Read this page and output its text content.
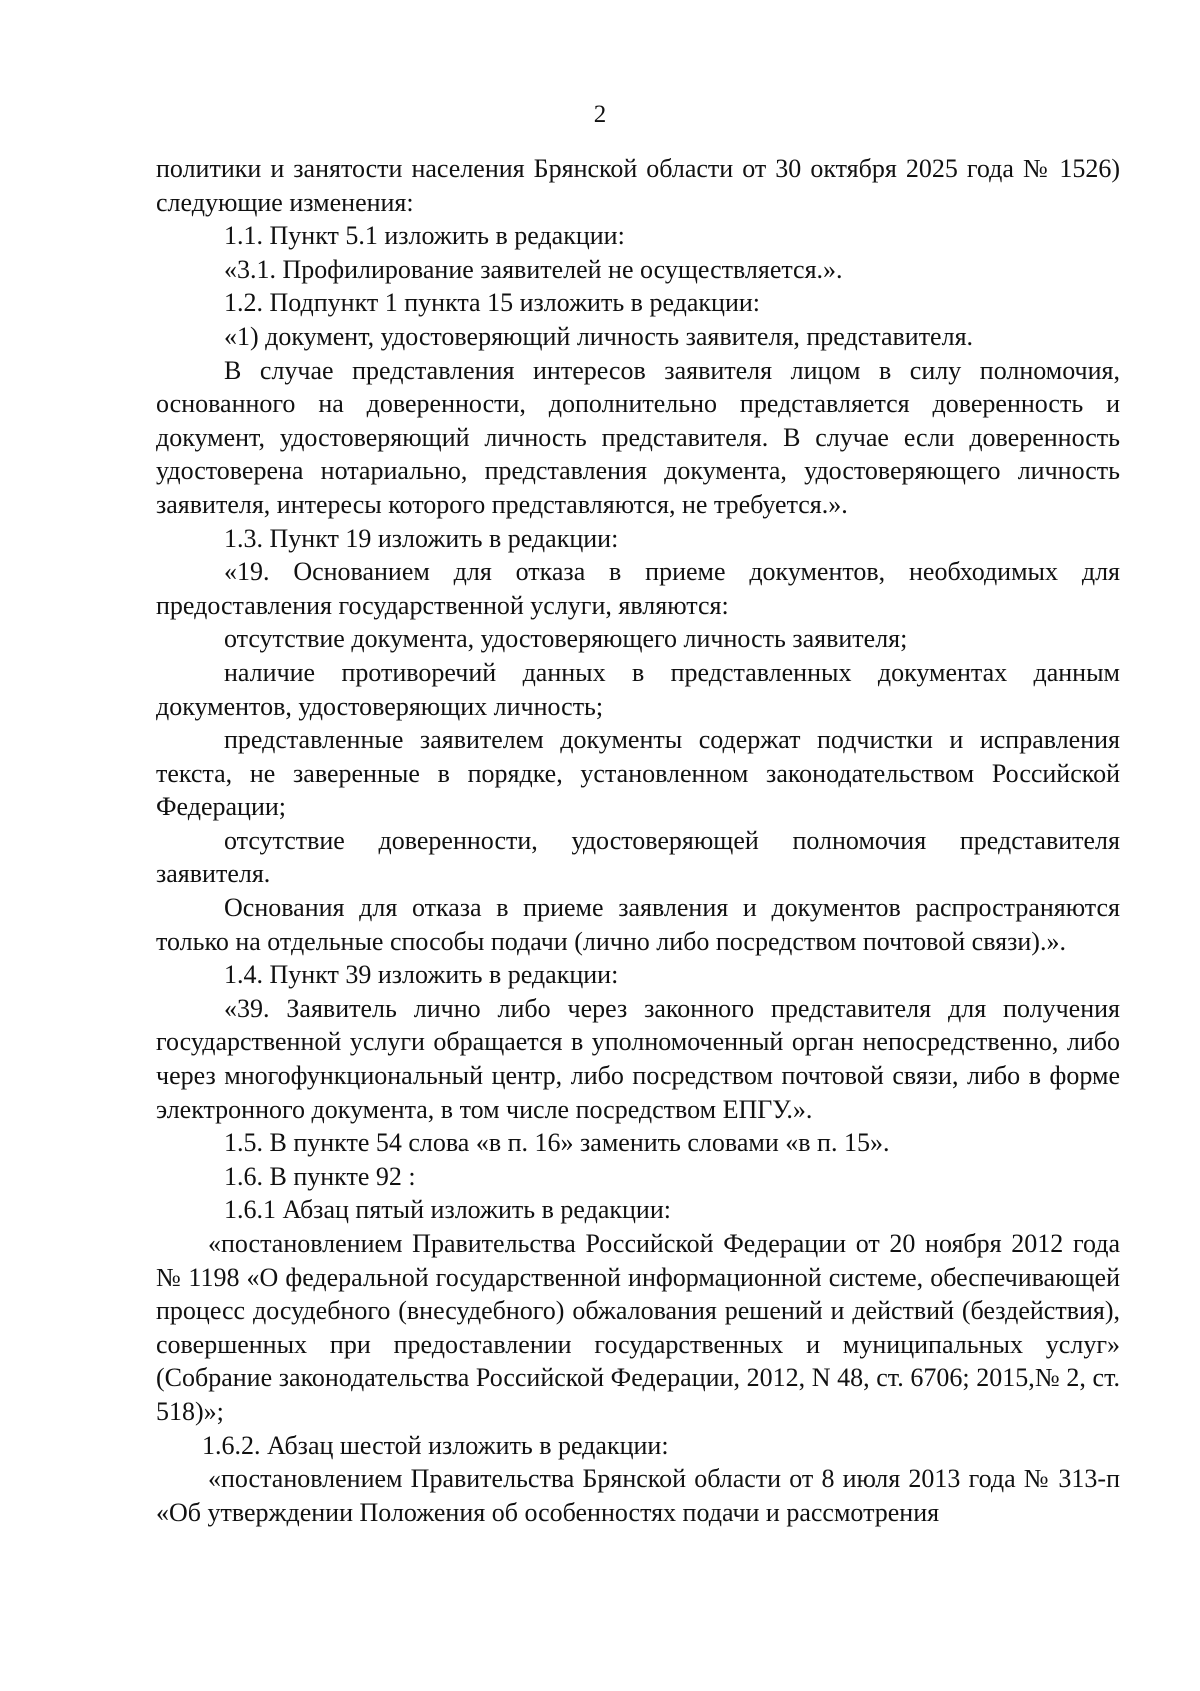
2

политики и занятости населения Брянской области от 30 октября 2025 года № 1526) следующие изменения:

1.1. Пункт 5.1 изложить в редакции:

«3.1. Профилирование заявителей не осуществляется.».

1.2. Подпункт 1 пункта 15 изложить в редакции:

«1) документ, удостоверяющий личность заявителя, представителя.

В случае представления интересов заявителя лицом в силу полномочия, основанного на доверенности, дополнительно представляется доверенность и документ, удостоверяющий личность представителя. В случае если доверенность удостоверена нотариально, представления документа, удостоверяющего личность заявителя, интересы которого представляются, не требуется.».

1.3. Пункт 19 изложить в редакции:

«19. Основанием для отказа в приеме документов, необходимых для предоставления государственной услуги, являются:

отсутствие документа, удостоверяющего личность заявителя;

наличие противоречий данных в представленных документах данным документов, удостоверяющих личность;

представленные заявителем документы содержат подчистки и исправления текста, не заверенные в порядке, установленном законодательством Российской Федерации;

отсутствие доверенности, удостоверяющей полномочия представителя заявителя.

Основания для отказа в приеме заявления и документов распространяются только на отдельные способы подачи (лично либо посредством почтовой связи).».

1.4. Пункт 39 изложить в редакции:

«39. Заявитель лично либо через законного представителя для получения государственной услуги обращается в уполномоченный орган непосредственно, либо через многофункциональный центр, либо посредством почтовой связи, либо в форме электронного документа, в том числе посредством ЕПГУ.».

1.5. В пункте 54 слова «в п. 16» заменить словами «в п. 15».

1.6. В пункте 92 :

1.6.1 Абзац пятый изложить в редакции:

«постановлением Правительства Российской Федерации от 20 ноября 2012 года № 1198 «О федеральной государственной информационной системе, обеспечивающей процесс досудебного (внесудебного) обжалования решений и действий (бездействия), совершенных при предоставлении государственных и муниципальных услуг» (Собрание законодательства Российской Федерации, 2012, N 48, ст. 6706; 2015,№ 2, ст. 518)»;

1.6.2. Абзац шестой изложить в редакции:

«постановлением Правительства Брянской области от 8 июля 2013 года № 313-п «Об утверждении Положения об особенностях подачи и рассмотрения
